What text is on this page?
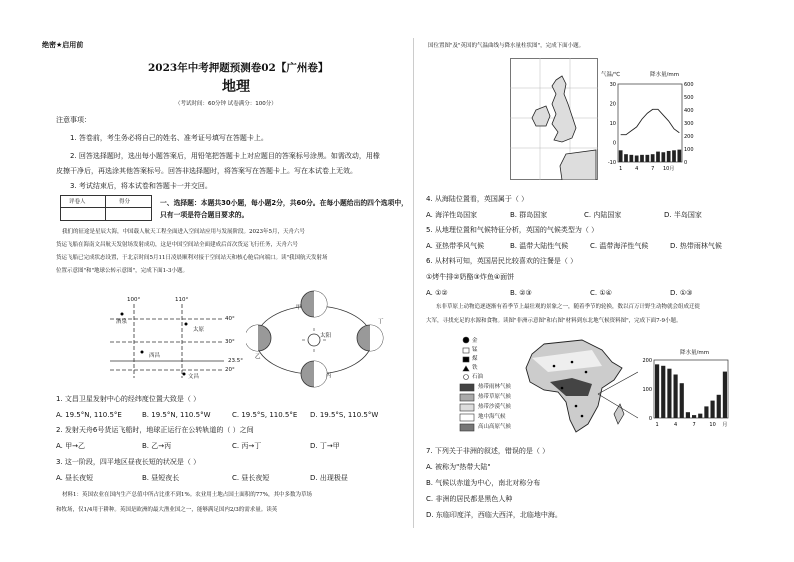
绝密★启用前
2023年中考押题预测卷02【广州卷】
地理
（考试时间：60分钟 试卷满分：100分）
注意事项：
1. 答卷前，考生务必将自己的姓名、准考证号填写在答题卡上。
2. 回答选择题时，选出每小题答案后，用铅笔把答题卡上对应题目的答案标号涂黑。如需改动，用橡
皮擦干净后，再选涂其他答案标号。回答非选择题时，将答案写在答题卡上。写在本试卷上无效。
3. 考试结束后，将本试卷和答题卡一并交回。
评卷人	得分	一、选择题：本题共30小题，每小题2分，共60分。在每小题给出的四个选项中，
只有一项是符合题目要求的。
我们的征途是星辰大海，中国载人航天工程全面进入空间站应用与发展阶段。2023年5月，天舟六号
货运飞船在海南文昌航天发射场发射成功，这是中国空间站全面建成后首次货运飞行任务，天舟六号
货运飞船已完成状态设置，于北京时间5月11日凌晨顺利对接于空间站天和核心舱后向端口。读"我国航天发射场
位置示意图"和"地球公转示意图"，完成下面1-3小题。
100°	110°
40°
30°
23.5°
20°
酒泉
太原
西昌
文昌
太阳
甲
乙
丙
丁
1. 文昌卫星发射中心的经纬度位置大致是（ ）
A. 19.5°N, 110.5°E	B. 19.5°N, 110.5°W	C. 19.5°S, 110.5°E D. 19.5°S, 110.5°W
2. 发射天舟6号货运飞船时，地球正运行在公转轨道的（ ）之间
A. 甲→乙	B. 乙→丙	C. 丙→丁	D. 丁→甲
3. 这一阶段，四平地区昼夜长短的状况是（ ）
A. 昼长夜短	B. 昼短夜长	C. 昼长夜短	D. 出现极昼
材料1：英国农业在国内生产总值中所占比重不到1%。农业用土地占国土面积的77%，其中多数为草场
和牧场，仅1/4用于耕种。英国是欧洲的最大渔业国之一，能够满足国内2/3的需求量。读英
国位置图"及"英国的气温曲线与降水量柱状图"，完成下面小题。
30
20
10
0
-10
600
500
400
300
200
100
0
1	4	7 10月
气温/℃	降水量/mm
4. 从海陆位置看，英国属于（ ）
A. 海洋性岛国家	B. 群岛国家	C. 内陆国家	D. 半岛国家
5. 从地理位置和气候特征分析，英国的气候类型为（ ）
A. 亚热带季风气候	B. 温带大陆性气候	C. 温带海洋性气候	D. 热带雨林气候
6. 从材料可知，英国居民比较喜欢的注餐是（ ）
①烤牛排②奶酪③炸鱼④面饼
A. ①②	B. ②③	C. ①④	D. ①③
东非草原上动物追逐逐渐有着季节上最壮观的景象之一，随着季节的轮换，数以百万计野生动物就会组成迁徙
大军，寻找充足的水源和食物。读图"非洲示意图"和右图"材料到东北地气候资料图"，完成下面7-9小题。
金
锰
煤
铁
石油
热带雨林气候
热带草原气候
热带沙漠气候
地中海气候
高山高原气候
200
100
0
1	4	7	10 月
降水量/mm
7. 下列关于非洲的叙述，错误的是（ ）
A. 被称为"热带大陆"
B. 气候以赤道为中心，南北对称分布
C. 非洲的居民都是黑色人种
D. 东临印度洋，西临大西洋，北临地中海。
